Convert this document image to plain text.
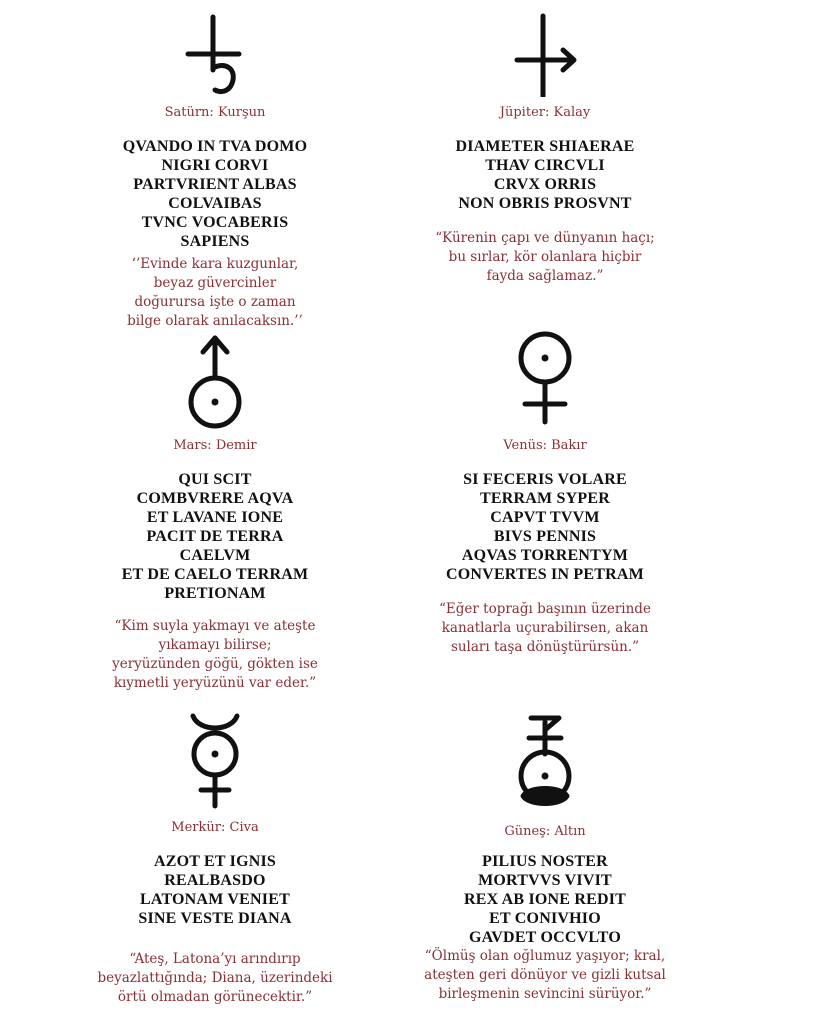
Satürn: Kurşun
QVANDO IN TVA DOMO
NIGRI CORVI
PARTVRIENT ALBAS
COLVAIBAS
TVNC VOCABERIS
SAPIENS
‘’Evinde kara kuzgunlar,
beyaz güvercinler
doğurursa işte o zaman
bilge olarak anılacaksın.’’
Jüpiter: Kalay
DIAMETER SHIAERAE
THAV CIRCVLI
CRVX ORRIS
NON OBRIS PROSVNT
“Kürenin çapı ve dünyanın haçı;
bu sırlar, kör olanlara hiçbir
fayda sağlamaz.”
Mars: Demir
QUI SCIT
COMBVRERE AQVA
ET LAVANE IONE
PACIT DE TERRA
CAELVM
ET DE CAELO TERRAM
PRETIONAM
“Kim suyla yakmayı ve ateşte
yıkamayı bilirse;
yeryüzünden göğü, gökten ise
kıymetli yeryüzünü var eder.”
Venüs: Bakır
SI FECERIS VOLARE
TERRAM SYPER
CAPVT TVVM
BIVS PENNIS
AQVAS TORRENTYM
CONVERTES IN PETRAM
“Eğer toprağı başının üzerinde
kanatlarla uçurabilirsen, akan
suları taşa dönüştürürsün.”
Merkür: Civa
AZOT ET IGNIS
REALBASDO
LATONAM VENIET
SINE VESTE DIANA
“Ateş, Latona’yı arındırıp
beyazlattığında; Diana, üzerindeki
örtü olmadan görünecektir.”
Güneş: Altın
PILIUS NOSTER
MORTVVS VIVIT
REX AB IONE REDIT
ET CONIVHIO
GAVDET OCCVLTO
“Ölmüş olan oğlumuz yaşıyor; kral,
ateşten geri dönüyor ve gizli kutsal
birleşmenin sevincini sürüyor.”
